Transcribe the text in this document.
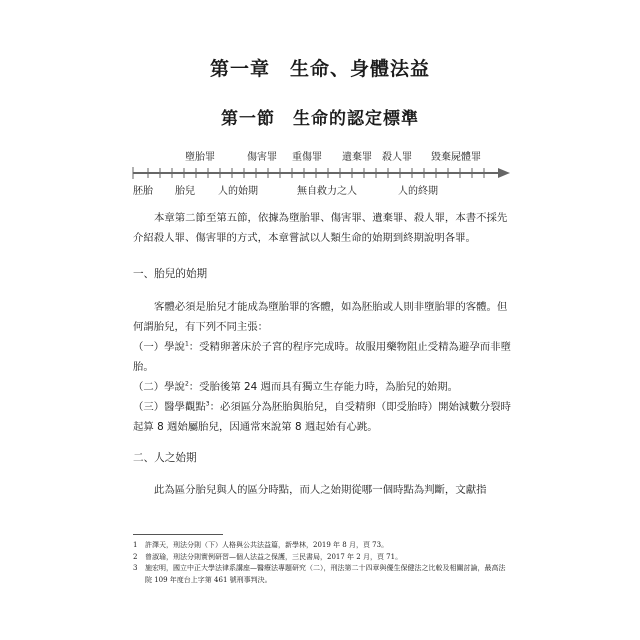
第一章　生命、身體法益
第一節　生命的認定標準
墮胎罪	傷害罪 重傷罪 遺棄罪 殺人罪 毀棄屍體罪
胚胎 胎兒 人的始期	無自救力之人	人的終期

本章第二節至第五節，依據為墮胎罪、傷害罪、遺棄罪、殺人罪，本書不採先介紹殺人罪、傷害罪的方式，本章嘗試以人類生命的始期到終期說明各罪。

一、胎兒的始期

客體必須是胎兒才能成為墮胎罪的客體，如為胚胎或人則非墮胎罪的客體。但何謂胎兒，有下列不同主張：

（一）學說$^1$：受精卵著床於子宮的程序完成時。故服用藥物阻止受精為避孕而非墮胎。

（二）學說$^2$：受胎後第 24 週而具有獨立生存能力時，為胎兒的始期。

（三）醫學觀點$^3$：必須區分為胚胎與胎兒，自受精卵（即受胎時）開始減數分裂時起算 8 週始屬胎兒，因通常來說第 8 週起始有心跳。

二、人之始期

此為區分胎兒與人的區分時點，而人之始期從哪一個時點為判斷，文獻指

1 許澤天，刑法分則（下）人格與公共法益篇，新學林，2019 年 8 月，頁 73。
2 曾淑瑜，刑法分則實例研習—個人法益之保護，三民書局，2017 年 2 月，頁 71。
3 施宏明，國立中正大學法律系講座—醫療法專題研究（二），刑法第二十四章與優生保健法之比較及相關討論，最高法院 109 年度台上字第 461 號刑事判決。
